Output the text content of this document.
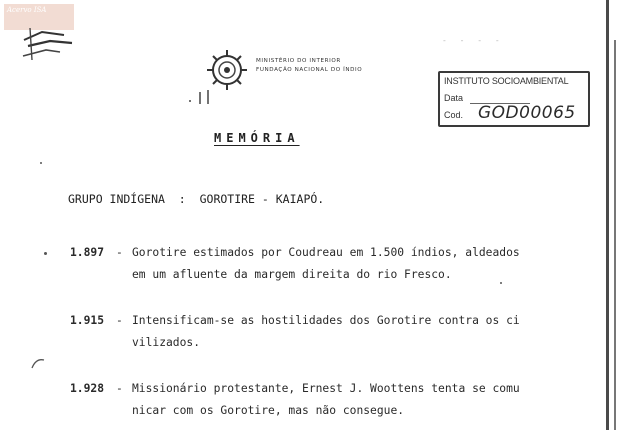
Acervo ISA
MINISTÉRIO DO INTERIOR
FUNDAÇÃO NACIONAL DO ÍNDIO
- - - -
INSTITUTO SOCIOAMBIENTAL
Data
Cod. GOD00065
MEMÓRIA
GRUPO INDÍGENA : GOROTIRE - KAIAPÓ.
1.897 - Gorotire estimados por Coudreau em 1.500 índios, aldeados
em um afluente da margem direita do rio Fresco.
1.915 - Intensificam-se as hostilidades dos Gorotire contra os ci
vilizados.
1.928 - Missionário protestante, Ernest J. Woottens tenta se comu
nicar com os Gorotire, mas não consegue.
